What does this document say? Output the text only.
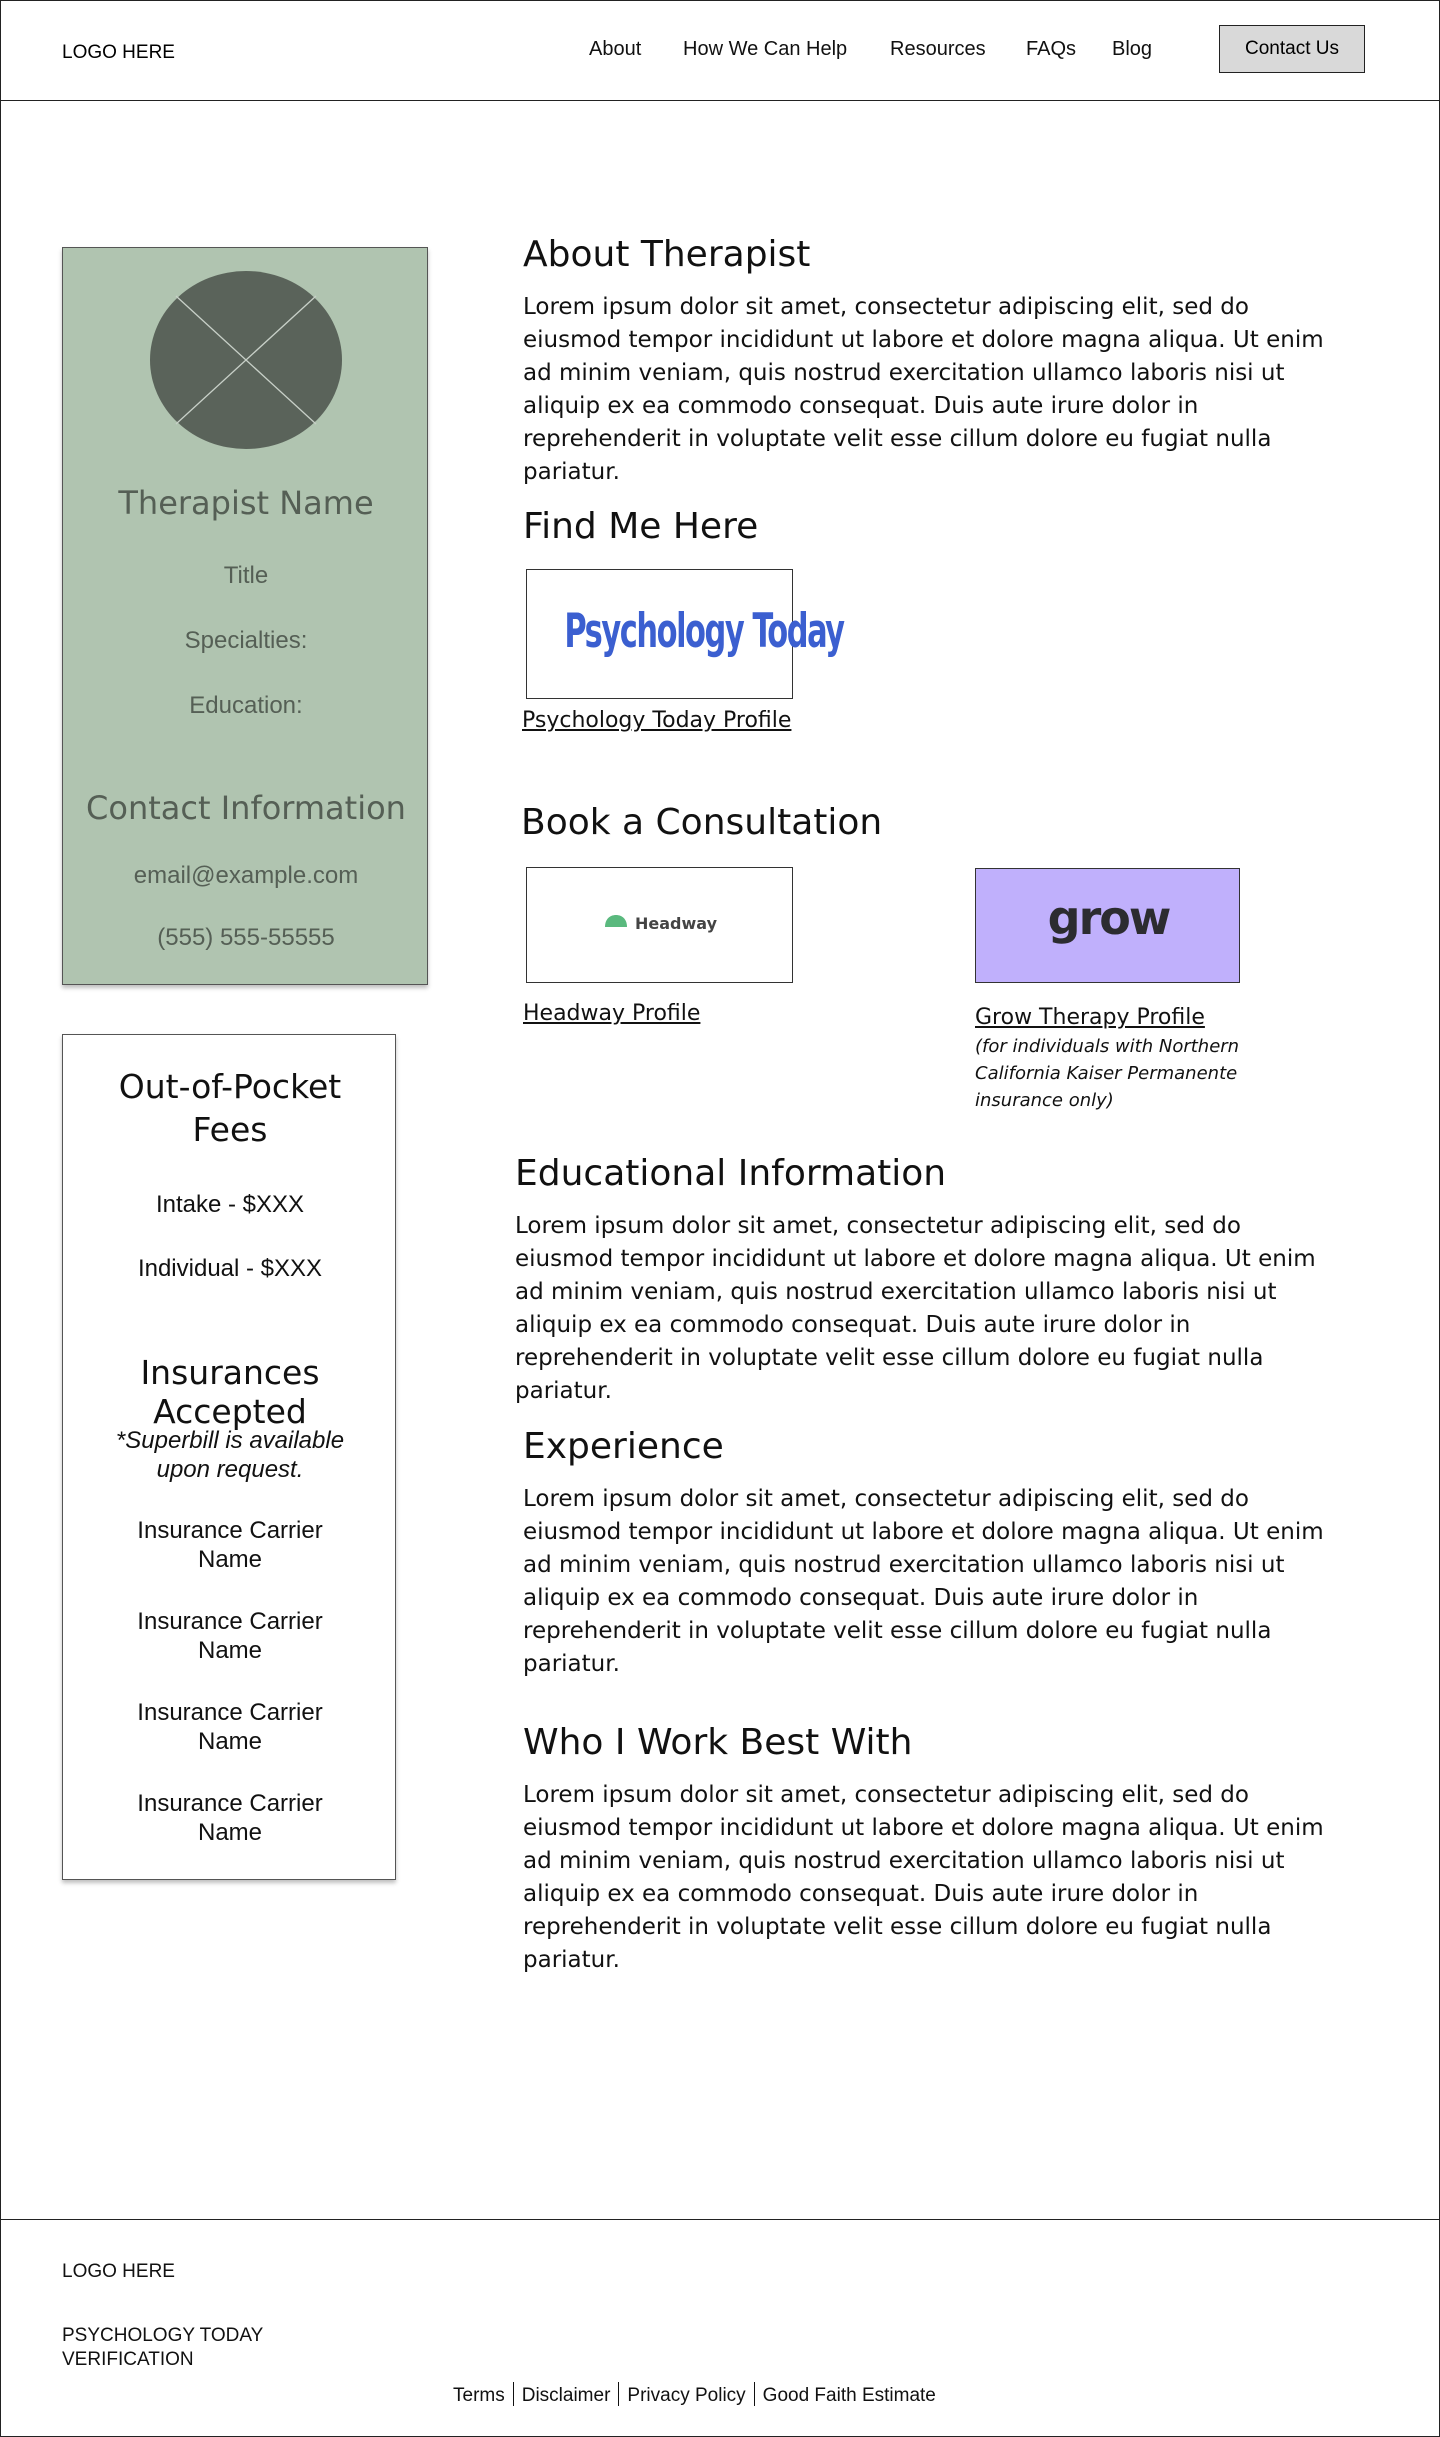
LOGO HERE	About How We Can Help Resources FAQs Blog	Contact Us
Therapist Name
Title
Specialties:
Education:
Contact Information
email@example.com
(555) 555-55555
Out-of-Pocket
Fees
Intake - $XXX
Individual - $XXX
Insurances Accepted
*Superbill is available
upon request.
Insurance Carrier
Name
Insurance Carrier
Name
Insurance Carrier
Name
Insurance Carrier
Name
About Therapist

Lorem ipsum dolor sit amet, consectetur adipiscing elit, sed do eiusmod tempor incididunt ut labore et dolore magna aliqua. Ut enim ad minim veniam, quis nostrud exercitation ullamco laboris nisi ut aliquip ex ea commodo consequat. Duis aute irure dolor in reprehenderit in voluptate velit esse cillum dolore eu fugiat nulla pariatur.

Find Me Here
Psychology Today
Psychology Today Profile
Book a Consultation
Headway
Headway Profile
grow
Grow Therapy Profile

(for individuals with Northern California Kaiser Permanente insurance only)

Educational Information

Lorem ipsum dolor sit amet, consectetur adipiscing elit, sed do eiusmod tempor incididunt ut labore et dolore magna aliqua. Ut enim ad minim veniam, quis nostrud exercitation ullamco laboris nisi ut aliquip ex ea commodo consequat. Duis aute irure dolor in reprehenderit in voluptate velit esse cillum dolore eu fugiat nulla pariatur.

Experience

Lorem ipsum dolor sit amet, consectetur adipiscing elit, sed do eiusmod tempor incididunt ut labore et dolore magna aliqua. Ut enim ad minim veniam, quis nostrud exercitation ullamco laboris nisi ut aliquip ex ea commodo consequat. Duis aute irure dolor in reprehenderit in voluptate velit esse cillum dolore eu fugiat nulla pariatur.

Who I Work Best With

Lorem ipsum dolor sit amet, consectetur adipiscing elit, sed do eiusmod tempor incididunt ut labore et dolore magna aliqua. Ut enim ad minim veniam, quis nostrud exercitation ullamco laboris nisi ut aliquip ex ea commodo consequat. Duis aute irure dolor in reprehenderit in voluptate velit esse cillum dolore eu fugiat nulla pariatur.

LOGO HERE
PSYCHOLOGY TODAY
VERIFICATION
Terms Disclaimer Privacy Policy Good Faith Estimate
